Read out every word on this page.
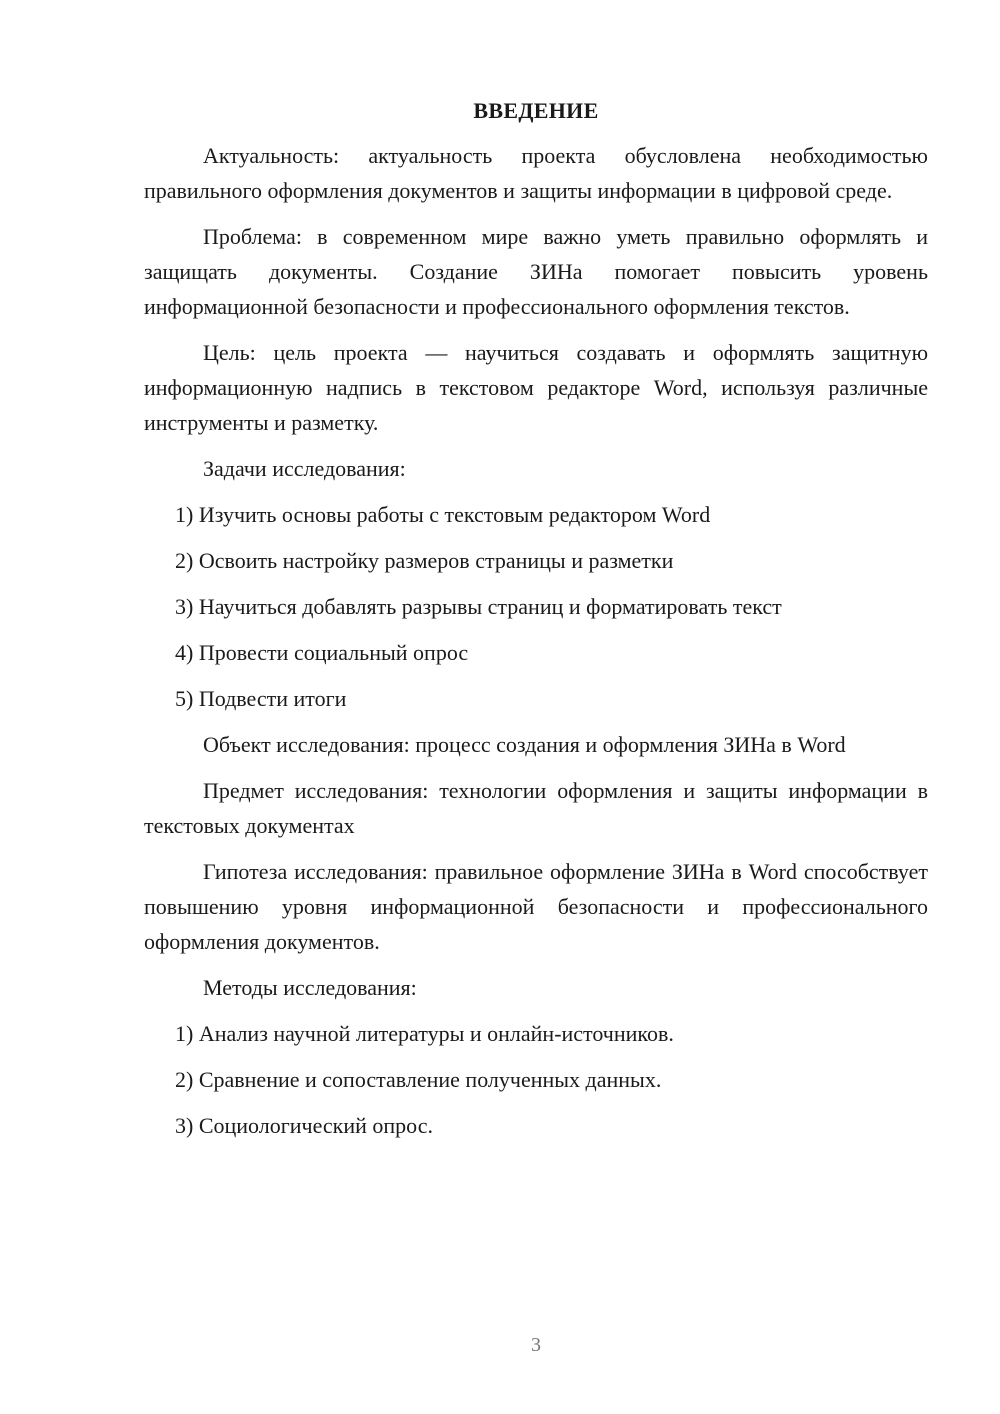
ВВЕДЕНИЕ

Актуальность: актуальность проекта обусловлена необходимостью правильного оформления документов и защиты информации в цифровой среде.

Проблема: в современном мире важно уметь правильно оформлять и защищать документы. Создание ЗИНа помогает повысить уровень информационной безопасности и профессионального оформления текстов.

Цель: цель проекта — научиться создавать и оформлять защитную информационную надпись в текстовом редакторе Word, используя различные инструменты и разметку.

Задачи исследования:

1) Изучить основы работы с текстовым редактором Word

2) Освоить настройку размеров страницы и разметки

3) Научиться добавлять разрывы страниц и форматировать текст

4) Провести социальный опрос

5) Подвести итоги

Объект исследования: процесс создания и оформления ЗИНа в Word

Предмет исследования: технологии оформления и защиты информации в текстовых документах

Гипотеза исследования: правильное оформление ЗИНа в Word способствует повышению уровня информационной безопасности и профессионального оформления документов.

Методы исследования:

1) Анализ научной литературы и онлайн-источников.

2) Сравнение и сопоставление полученных данных.

3) Социологический опрос.

3
